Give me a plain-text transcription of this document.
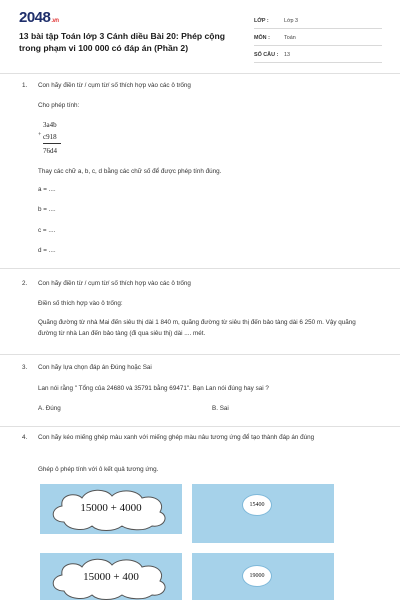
2048.vn
13 bài tập Toán lớp 3 Cánh diều Bài 20: Phép cộng trong phạm vi 100 000 có đáp án (Phần 2)
LỚP :	Lớp 3
MÔN :	Toán
SỐ CÂU :	13
1. Con hãy điền từ / cụm từ/ số thích hợp vào các ô trống
Cho phép tính:
+
3a4b
c918
76d4
Thay các chữ a, b, c, d bằng các chữ số để được phép tính đúng.
a = ....
b = ....
c = ....
d = ....
2. Con hãy điền từ / cụm từ/ số thích hợp vào các ô trống
Điền số thích hợp vào ô trống:
Quãng đường từ nhà Mai đến siêu thị dài 1 840 m, quãng đường từ siêu thị đến bảo tàng dài 6 250 m. Vậy quãng đường từ nhà Lan đến bảo tàng (đi qua siêu thị) dài .... mét.
3. Con hãy lựa chọn đáp án Đúng hoặc Sai
Lan nói rằng " Tổng của 24680 và 35791 bằng 69471". Bạn Lan nói đúng hay sai ?
A. Đúng	B. Sai
4. Con hãy kéo miếng ghép màu xanh với miếng ghép màu nâu tương ứng để tạo thành đáp án đúng
Ghép ô phép tính với ô kết quả tương ứng.
15000 + 4000	15400
15000 + 400	19000
